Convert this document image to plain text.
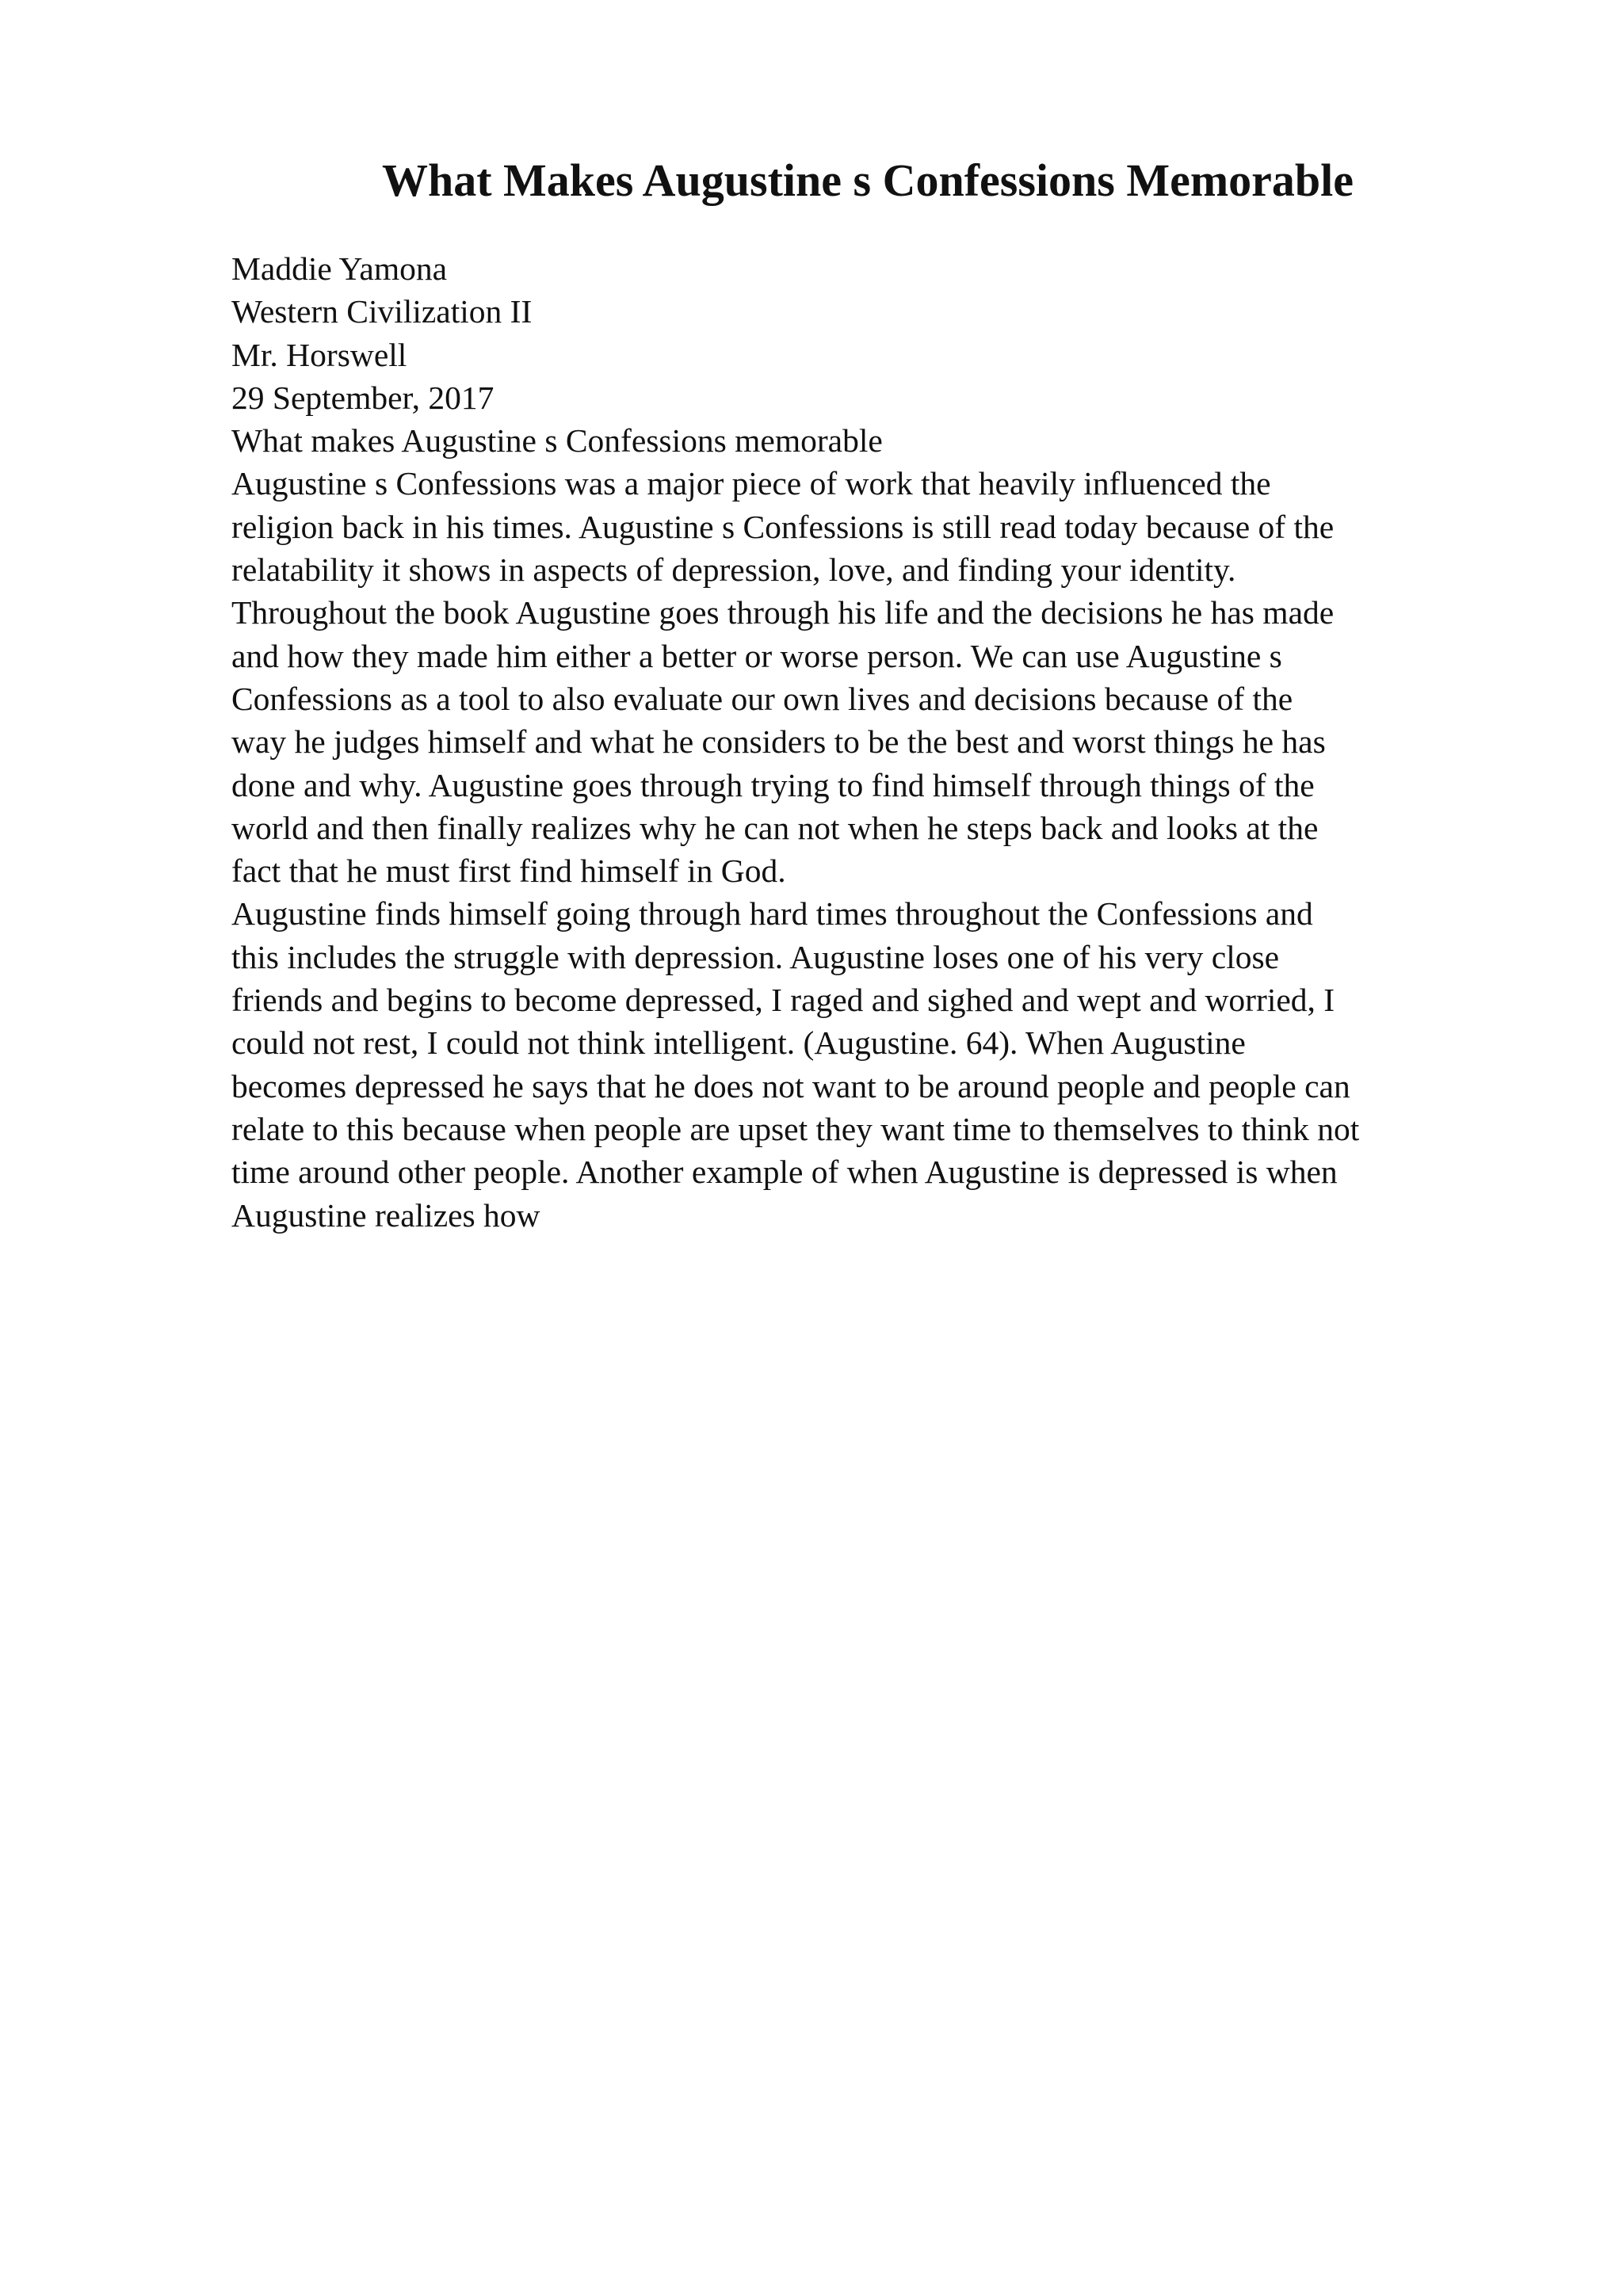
What Makes Augustine s Confessions Memorable
Maddie Yamona
Western Civilization II
Mr. Horswell
29 September, 2017
What makes Augustine s Confessions memorable
Augustine s Confessions was a major piece of work that heavily influenced the
religion back in his times. Augustine s Confessions is still read today because of the
relatability it shows in aspects of depression, love, and finding your identity.
Throughout the book Augustine goes through his life and the decisions he has made
and how they made him either a better or worse person. We can use Augustine s
Confessions as a tool to also evaluate our own lives and decisions because of the
way he judges himself and what he considers to be the best and worst things he has
done and why. Augustine goes through trying to find himself through things of the
world and then finally realizes why he can not when he steps back and looks at the
fact that he must first find himself in God.
Augustine finds himself going through hard times throughout the Confessions and
this includes the struggle with depression. Augustine loses one of his very close
friends and begins to become depressed, I raged and sighed and wept and worried, I
could not rest, I could not think intelligent. (Augustine. 64). When Augustine
becomes depressed he says that he does not want to be around people and people can
relate to this because when people are upset they want time to themselves to think not
time around other people. Another example of when Augustine is depressed is when
Augustine realizes how
